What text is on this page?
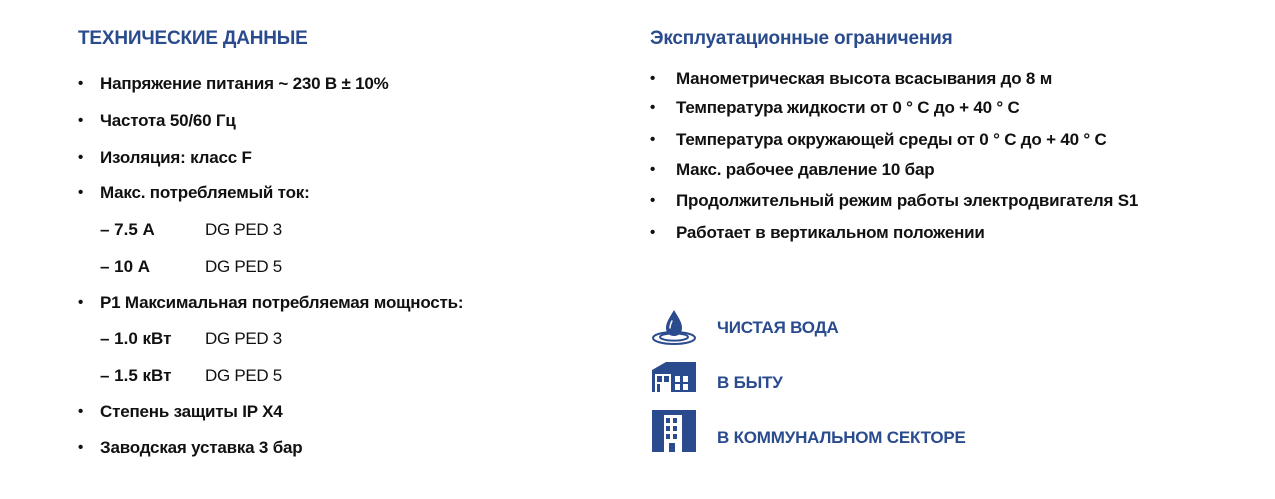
ТЕХНИЧЕСКИЕ ДАННЫЕ
• Напряжение питания ~ 230 В ± 10%
• Частота 50/60 Гц
• Изоляция: класс F
• Макс. потребляемый ток:
– 7.5 А	DG PED 3
– 10 А	DG PED 5
• Р1 Максимальная потребляемая мощность:
– 1.0 кВт DG PED 3
– 1.5 кВт DG PED 5
• Степень защиты IP X4
• Заводская уставка 3 бар
Эксплуатационные ограничения
• Манометрическая высота всасывания до 8 м
• Температура жидкости от 0 ° С до + 40 ° С
• Температура окружающей среды от 0 ° С до + 40 ° С
• Макс. рабочее давление 10 бар
• Продолжительный режим работы электродвигателя S1
• Работает в вертикальном положении
ЧИСТАЯ ВОДА
В БЫТУ
В КОММУНАЛЬНОМ СЕКТОРЕ
